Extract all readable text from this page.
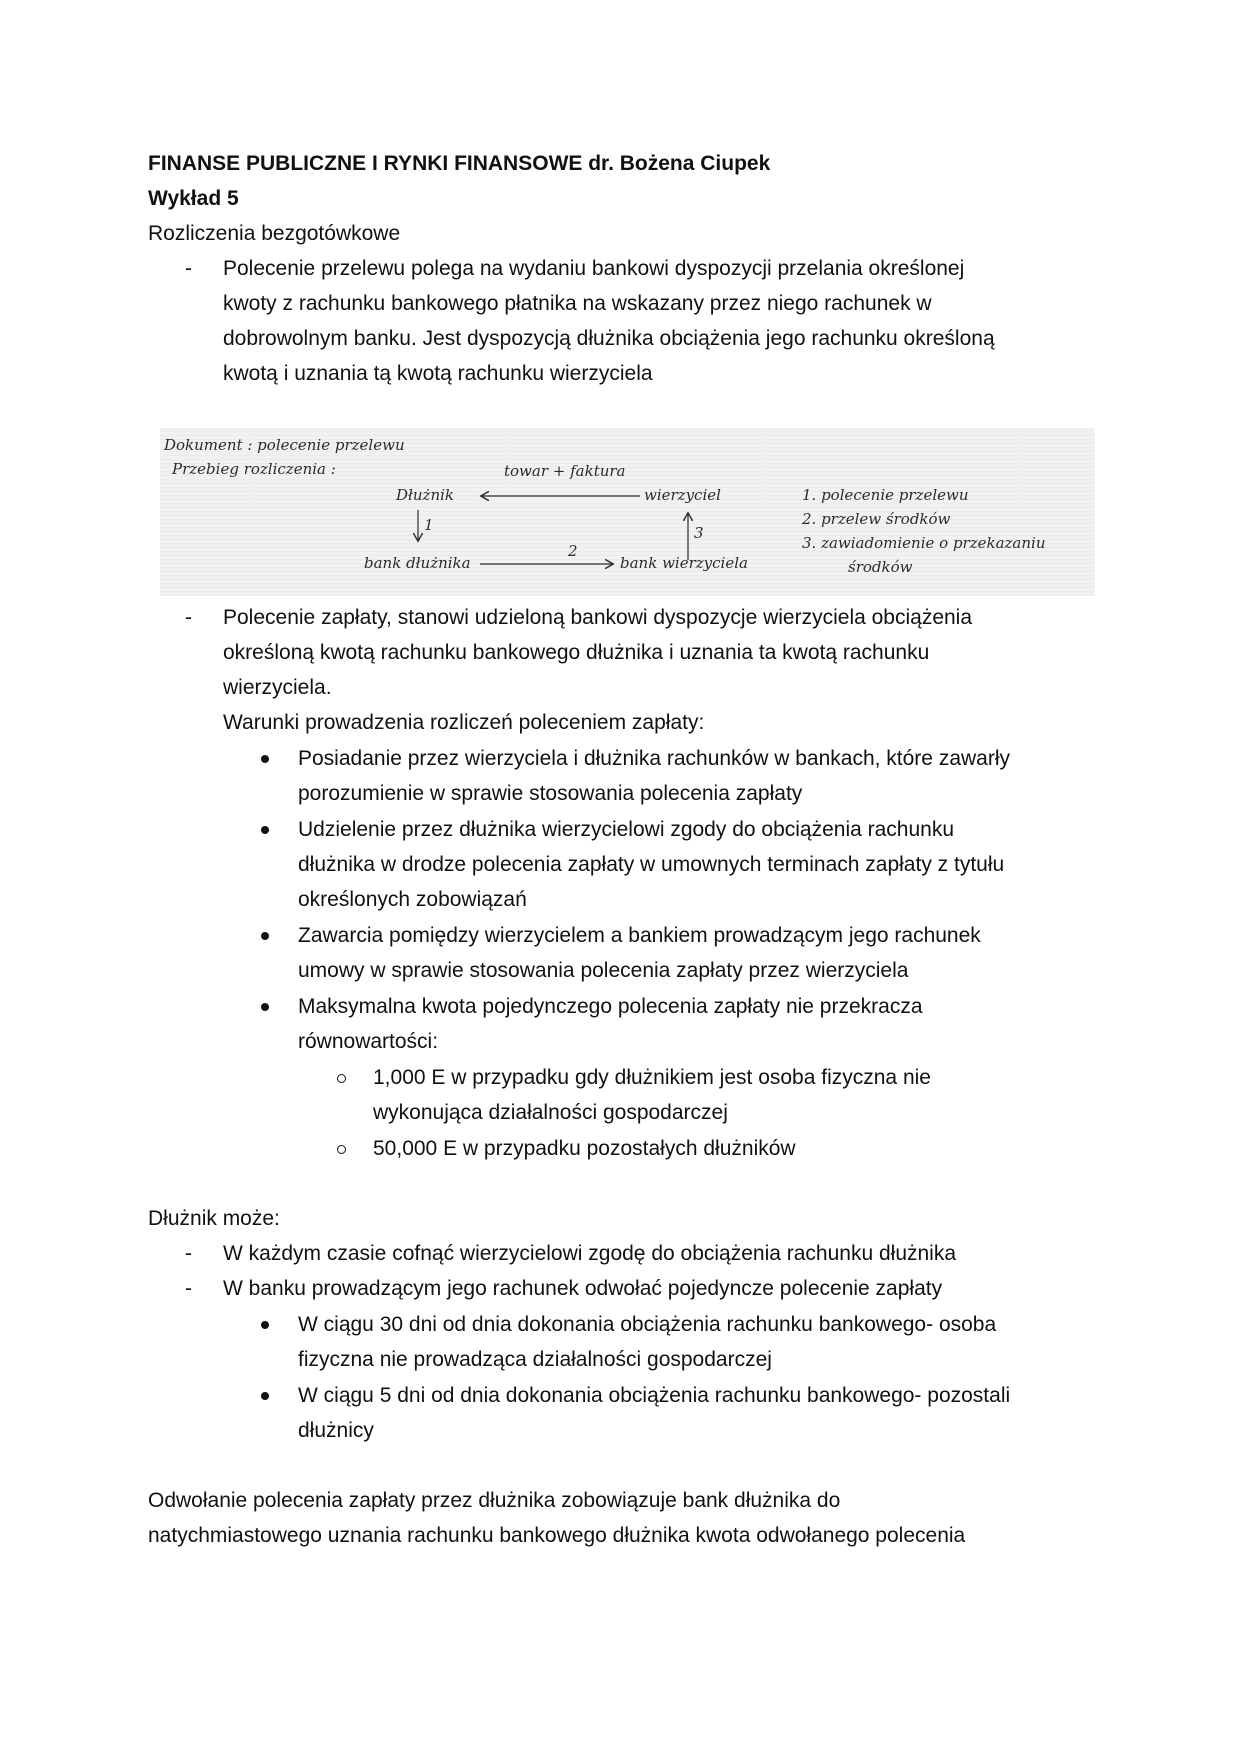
FINANSE PUBLICZNE I RYNKI FINANSOWE dr. Bożena Ciupek
Wykład 5
Rozliczenia bezgotówkowe
- Polecenie przelewu polega na wydaniu bankowi dyspozycji przelania określonej
kwoty z rachunku bankowego płatnika na wskazany przez niego rachunek w
dobrowolnym banku. Jest dyspozycją dłużnika obciążenia jego rachunku określoną
kwotą i uznania tą kwotą rachunku wierzyciela
Dokument : polecenie przelewu
Przebieg rozliczenia :	towar + faktura
Dłużnik	wierzyciel
1	3
bank dłużnika
2
bank wierzyciela
1. polecenie przelewu
2. przelew środków
3. zawiadomienie o przekazaniu
środków
- Polecenie zapłaty, stanowi udzieloną bankowi dyspozycje wierzyciela obciążenia
określoną kwotą rachunku bankowego dłużnika i uznania ta kwotą rachunku
wierzyciela.
Warunki prowadzenia rozliczeń poleceniem zapłaty:
Posiadanie przez wierzyciela i dłużnika rachunków w bankach, które zawarły
porozumienie w sprawie stosowania polecenia zapłaty
Udzielenie przez dłużnika wierzycielowi zgody do obciążenia rachunku
dłużnika w drodze polecenia zapłaty w umownych terminach zapłaty z tytułu
określonych zobowiązań
Zawarcia pomiędzy wierzycielem a bankiem prowadzącym jego rachunek
umowy w sprawie stosowania polecenia zapłaty przez wierzyciela
Maksymalna kwota pojedynczego polecenia zapłaty nie przekracza
równowartości:
1,000 E w przypadku gdy dłużnikiem jest osoba fizyczna nie
wykonująca działalności gospodarczej
50,000 E w przypadku pozostałych dłużników
Dłużnik może:
- W każdym czasie cofnąć wierzycielowi zgodę do obciążenia rachunku dłużnika
- W banku prowadzącym jego rachunek odwołać pojedyncze polecenie zapłaty
W ciągu 30 dni od dnia dokonania obciążenia rachunku bankowego- osoba
fizyczna nie prowadząca działalności gospodarczej
W ciągu 5 dni od dnia dokonania obciążenia rachunku bankowego- pozostali
dłużnicy
Odwołanie polecenia zapłaty przez dłużnika zobowiązuje bank dłużnika do
natychmiastowego uznania rachunku bankowego dłużnika kwota odwołanego polecenia
